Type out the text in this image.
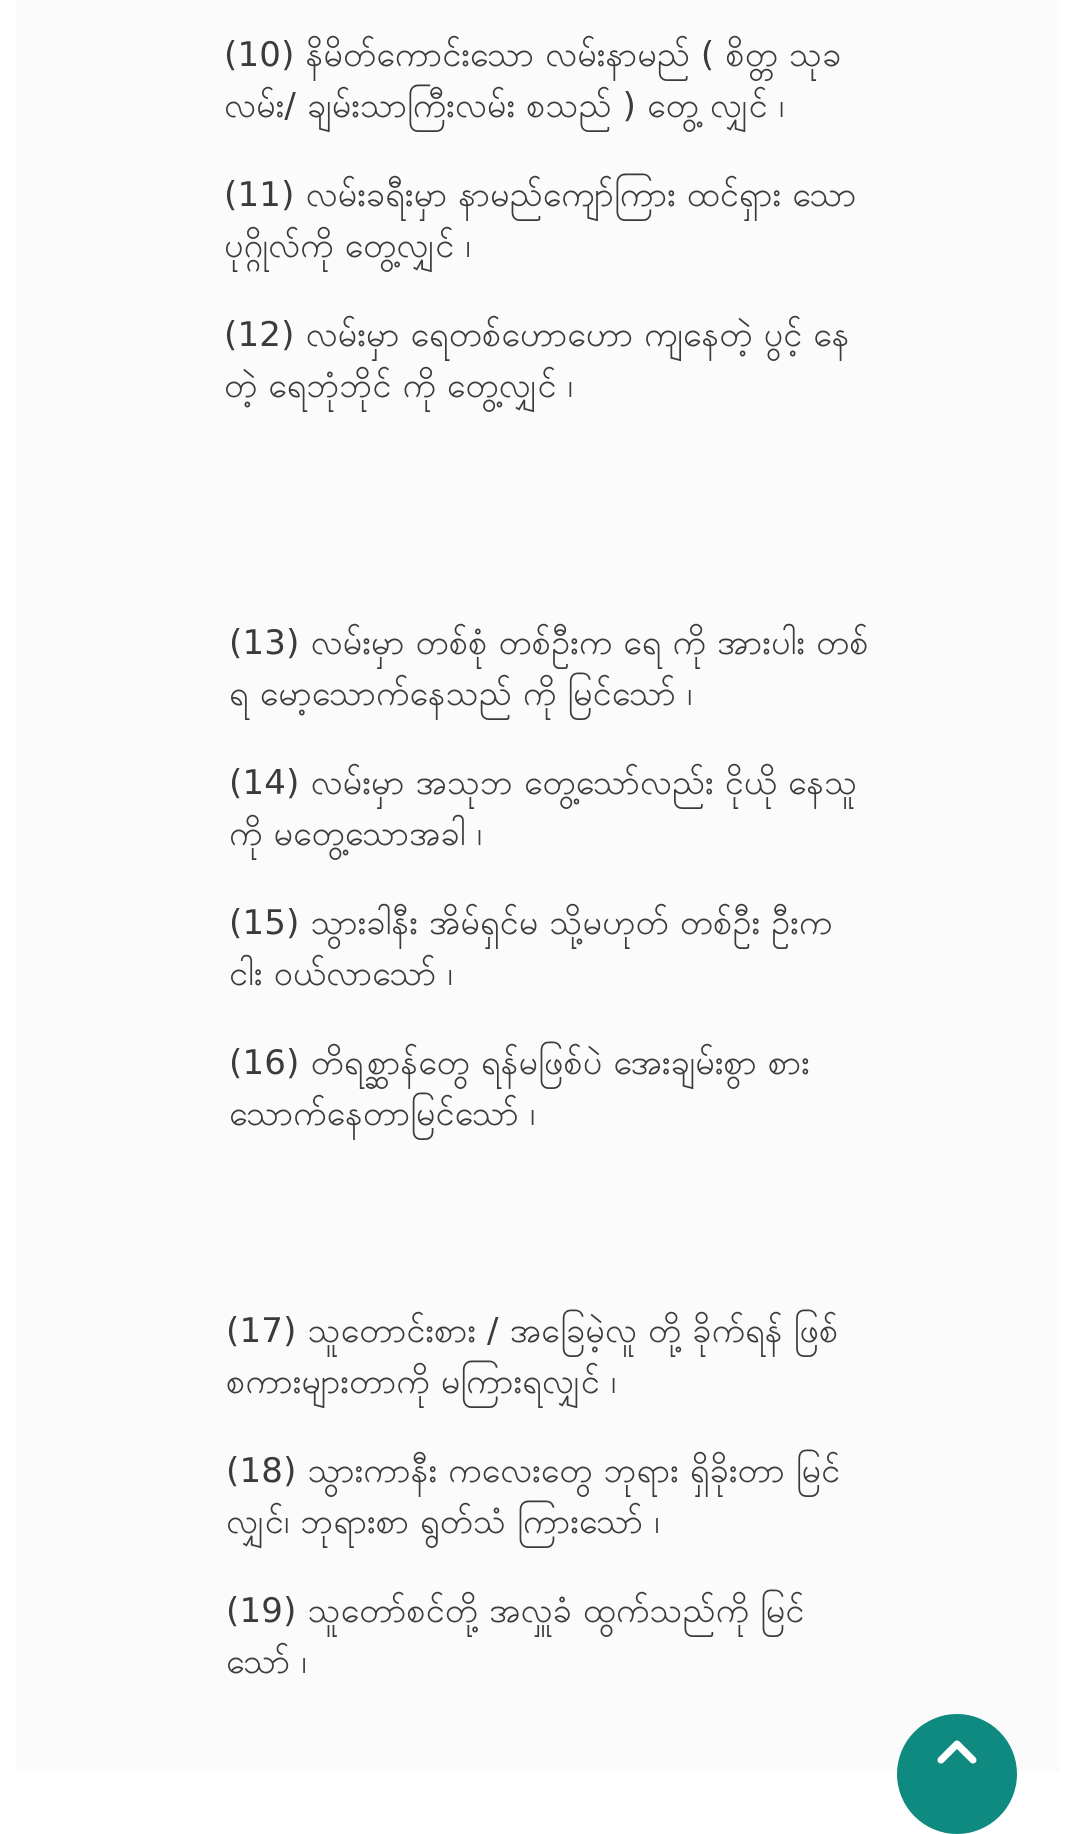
(10) နိမိတ်ကောင်းသော လမ်းနာမည် ( စိတ္တ သုခလမ်း/ ချမ်းသာကြီးလမ်း စသည် ) တွေ့ လျှင် ၊

(11) လမ်းခရီးမှာ နာမည်ကျော်ကြား ထင်ရှား သော ပုဂ္ဂိုလ်ကို တွေ့လျှင် ၊

(12) လမ်းမှာ ရေတစ်ဟောဟော ကျနေတဲ့ ပွင့် နေတဲ့ ရေဘုံဘိုင် ကို တွေ့လျှင် ၊

(13) လမ်းမှာ တစ်စုံ တစ်ဦးက ရေ ကို အားပါး တစ်ရ မော့သောက်နေသည် ကို မြင်သော် ၊

(14) လမ်းမှာ အသုဘ တွေ့သော်လည်း ငိုယို နေသူကို မတွေ့သောအခါ ၊

(15) သွားခါနီး အိမ်ရှင်မ သို့မဟုတ် တစ်ဦး ဦးက ငါး ဝယ်လာသော် ၊

(16) တိရစ္ဆာန်တွေ ရန်မဖြစ်ပဲ အေးချမ်းစွာ စားသောက်နေတာမြင်သော် ၊

(17) သူတောင်းစား / အခြေမဲ့လူ တို့ ခိုက်ရန် ဖြစ် စကားများတာကို မကြားရလျှင် ၊

(18) သွားကာနီး ကလေးတွေ ဘုရား ရှိခိုးတာ မြင်လျှင်၊ ဘုရားစာ ရွတ်သံ ကြားသော် ၊

(19) သူတော်စင်တို့ အလှူခံ ထွက်သည်ကို မြင် သော် ၊
